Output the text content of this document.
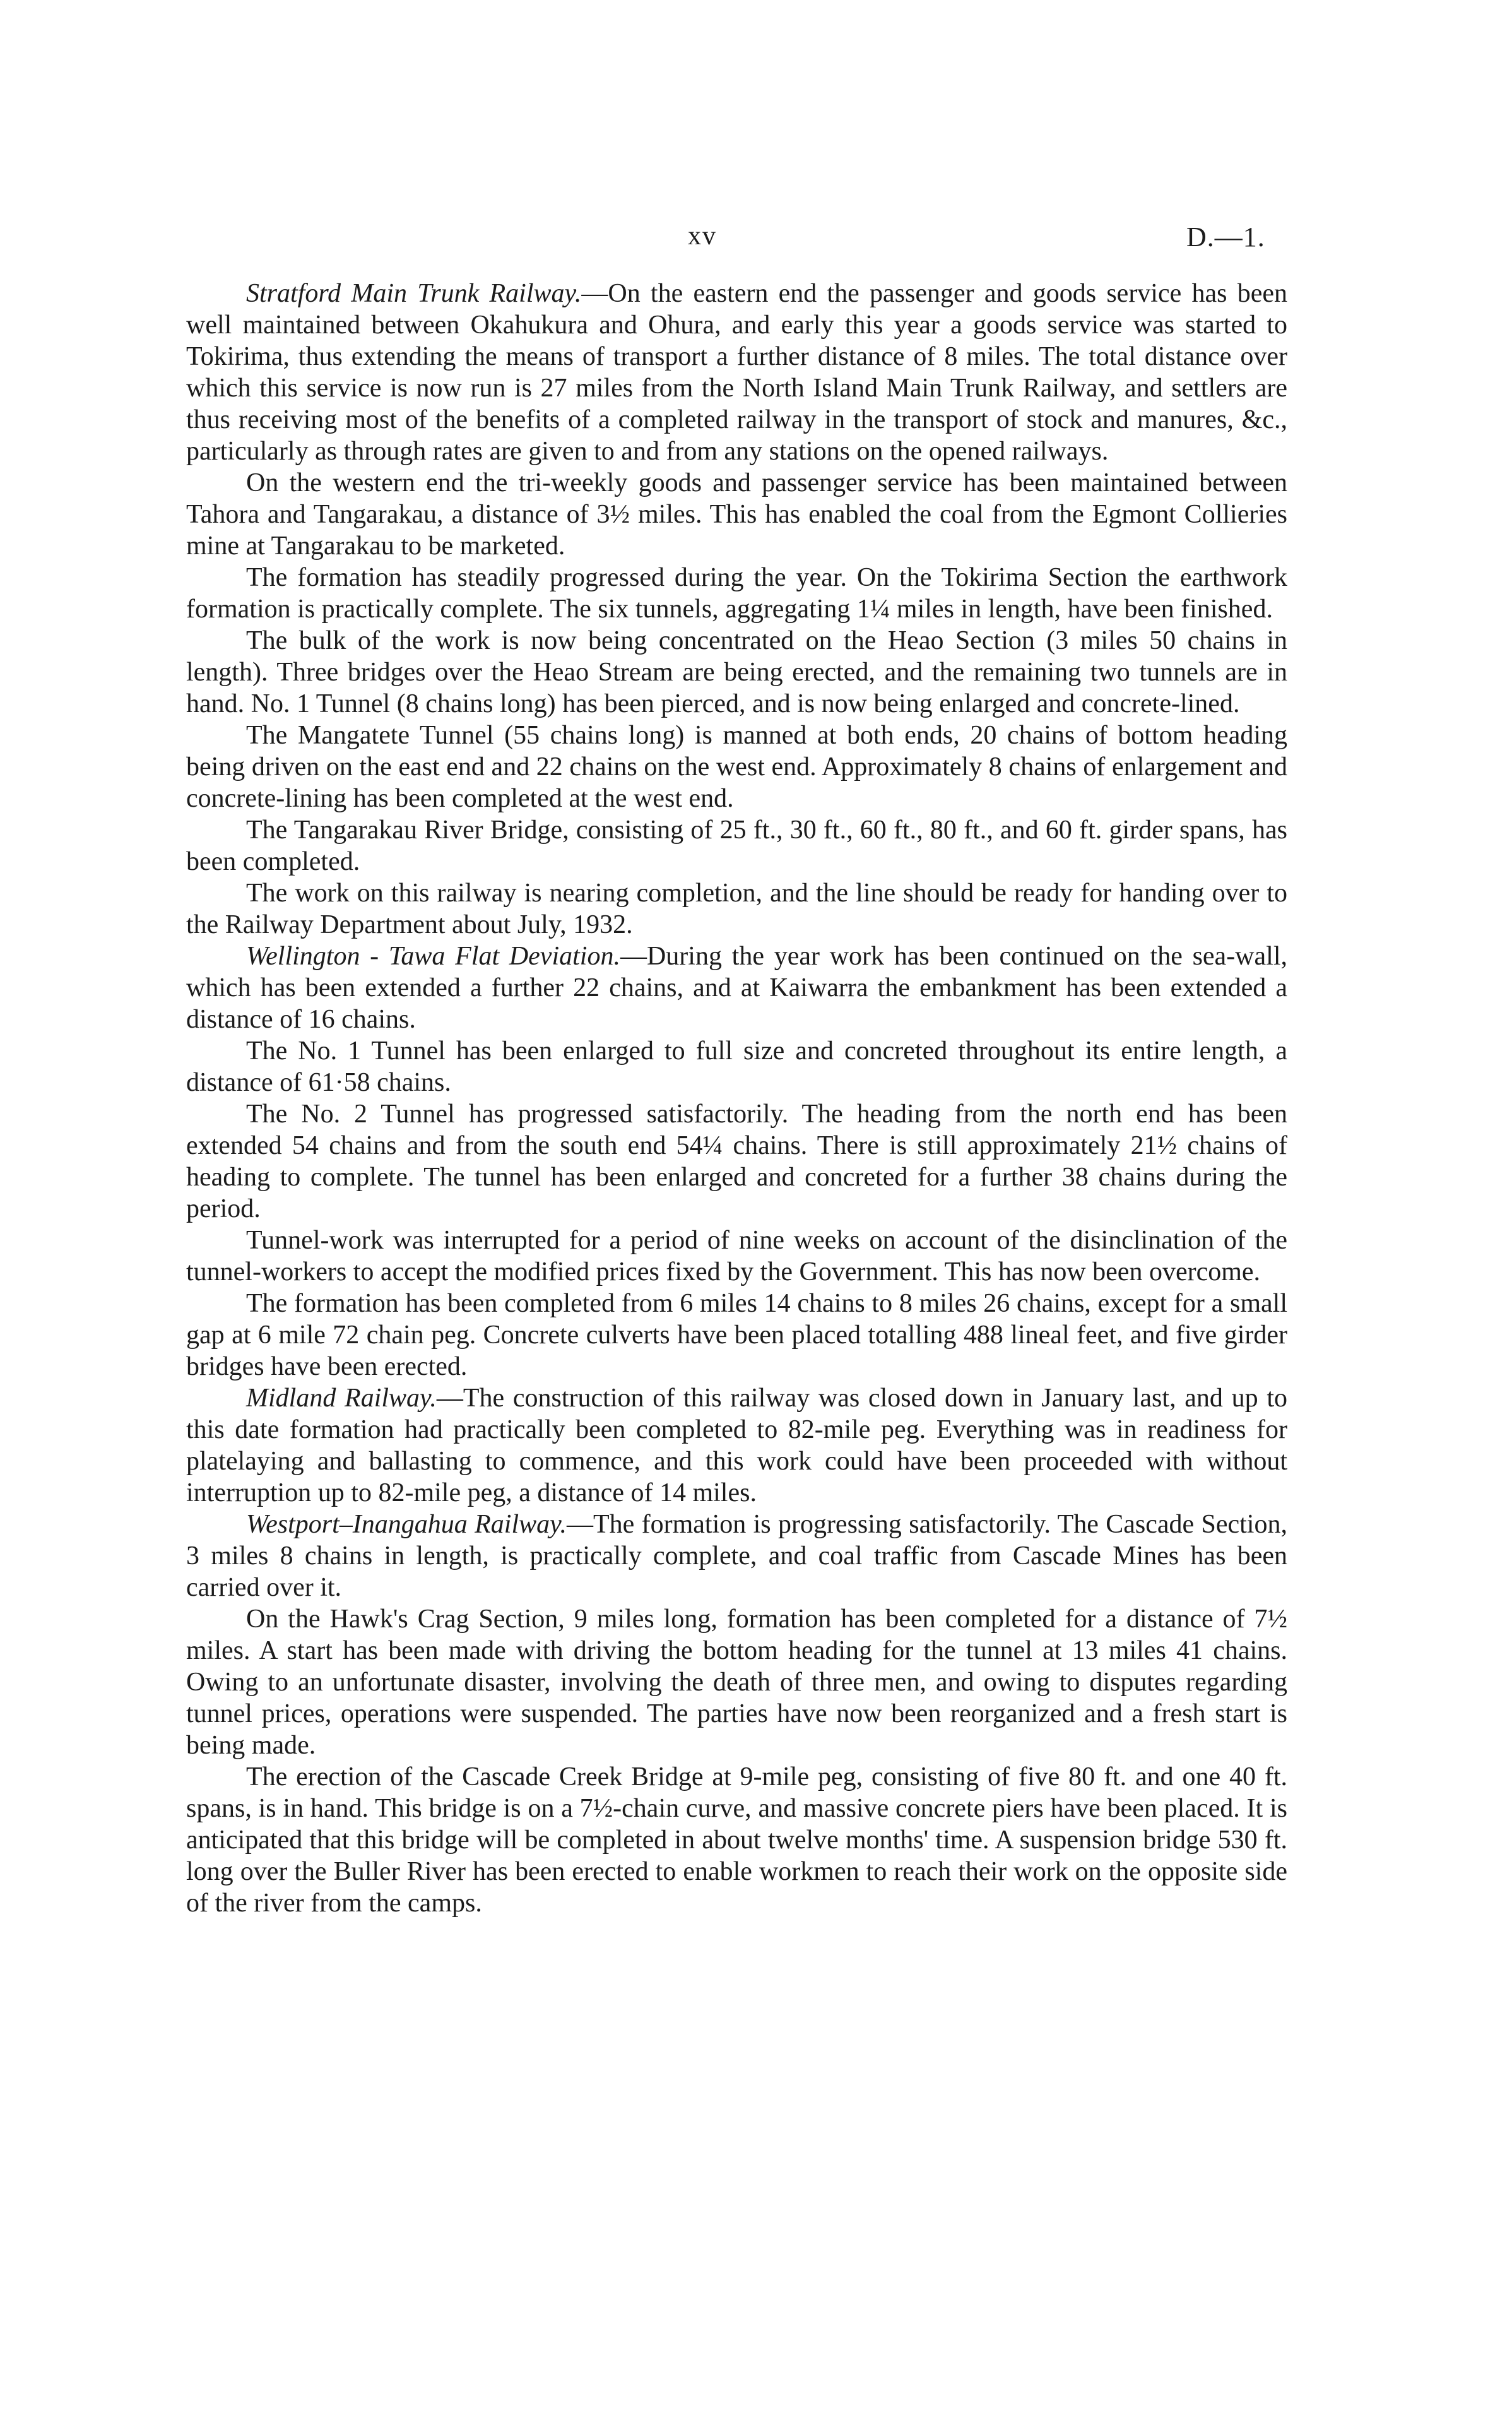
xv	D.—1.

Stratford Main Trunk Railway.—On the eastern end the passenger and goods service has been well maintained between Okahukura and Ohura, and early this year a goods service was started to Tokirima, thus extending the means of transport a further distance of 8 miles. The total distance over which this service is now run is 27 miles from the North Island Main Trunk Railway, and settlers are thus receiving most of the benefits of a completed railway in the transport of stock and manures, &c., particularly as through rates are given to and from any stations on the opened railways.

On the western end the tri-weekly goods and passenger service has been maintained between Tahora and Tangarakau, a distance of 3½ miles. This has enabled the coal from the Egmont Collieries mine at Tangarakau to be marketed.

The formation has steadily progressed during the year. On the Tokirima Section the earthwork formation is practically complete. The six tunnels, aggregating 1¼ miles in length, have been finished.

The bulk of the work is now being concentrated on the Heao Section (3 miles 50 chains in length). Three bridges over the Heao Stream are being erected, and the remaining two tunnels are in hand. No. 1 Tunnel (8 chains long) has been pierced, and is now being enlarged and concrete-lined.

The Mangatete Tunnel (55 chains long) is manned at both ends, 20 chains of bottom heading being driven on the east end and 22 chains on the west end. Approximately 8 chains of enlargement and concrete-lining has been completed at the west end.

The Tangarakau River Bridge, consisting of 25 ft., 30 ft., 60 ft., 80 ft., and 60 ft. girder spans, has been completed.

The work on this railway is nearing completion, and the line should be ready for handing over to the Railway Department about July, 1932.

Wellington - Tawa Flat Deviation.—During the year work has been continued on the sea-wall, which has been extended a further 22 chains, and at Kaiwarra the embankment has been extended a distance of 16 chains.

The No. 1 Tunnel has been enlarged to full size and concreted throughout its entire length, a distance of 61·58 chains.

The No. 2 Tunnel has progressed satisfactorily. The heading from the north end has been extended 54 chains and from the south end 54¼ chains. There is still approximately 21½ chains of heading to complete. The tunnel has been enlarged and concreted for a further 38 chains during the period.

Tunnel-work was interrupted for a period of nine weeks on account of the disinclination of the tunnel-workers to accept the modified prices fixed by the Government. This has now been overcome.

The formation has been completed from 6 miles 14 chains to 8 miles 26 chains, except for a small gap at 6 mile 72 chain peg. Concrete culverts have been placed totalling 488 lineal feet, and five girder bridges have been erected.

Midland Railway.—The construction of this railway was closed down in January last, and up to this date formation had practically been completed to 82-mile peg. Everything was in readiness for platelaying and ballasting to commence, and this work could have been proceeded with without interruption up to 82-mile peg, a distance of 14 miles.

Westport–Inangahua Railway.—The formation is progressing satisfactorily. The Cascade Section, 3 miles 8 chains in length, is practically complete, and coal traffic from Cascade Mines has been carried over it.

On the Hawk's Crag Section, 9 miles long, formation has been completed for a distance of 7½ miles. A start has been made with driving the bottom heading for the tunnel at 13 miles 41 chains. Owing to an unfortunate disaster, involving the death of three men, and owing to disputes regarding tunnel prices, operations were suspended. The parties have now been reorganized and a fresh start is being made.

The erection of the Cascade Creek Bridge at 9-mile peg, consisting of five 80 ft. and one 40 ft. spans, is in hand. This bridge is on a 7½-chain curve, and massive concrete piers have been placed. It is anticipated that this bridge will be completed in about twelve months' time. A suspension bridge 530 ft. long over the Buller River has been erected to enable workmen to reach their work on the opposite side of the river from the camps.
